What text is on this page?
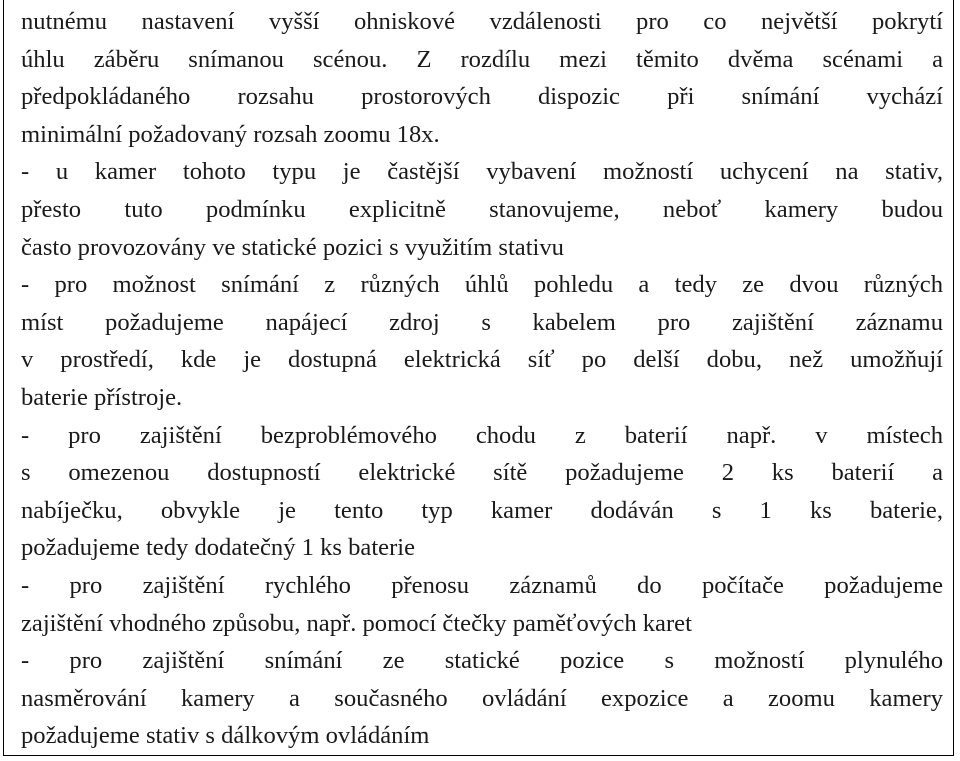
nutnému nastavení vyšší ohniskové vzdálenosti pro co největší pokrytí
úhlu záběru snímanou scénou. Z rozdílu mezi těmito dvěma scénami a
předpokládaného rozsahu prostorových dispozic při snímání vychází
minimální požadovaný rozsah zoomu 18x.
- u kamer tohoto typu je častější vybavení možností uchycení na stativ,
přesto tuto podmínku explicitně stanovujeme, neboť kamery budou
často provozovány ve statické pozici s využitím stativu
- pro možnost snímání z různých úhlů pohledu a tedy ze dvou různých
míst požadujeme napájecí zdroj s kabelem pro zajištění záznamu
v prostředí, kde je dostupná elektrická síť po delší dobu, než umožňují
baterie přístroje.
- pro zajištění bezproblémového chodu z baterií např. v místech
s omezenou dostupností elektrické sítě požadujeme 2 ks baterií a
nabíječku, obvykle je tento typ kamer dodáván s 1 ks baterie,
požadujeme tedy dodatečný 1 ks baterie
- pro zajištění rychlého přenosu záznamů do počítače požadujeme
zajištění vhodného způsobu, např. pomocí čtečky paměťových karet
- pro zajištění snímání ze statické pozice s možností plynulého
nasměrování kamery a současného ovládání expozice a zoomu kamery
požadujeme stativ s dálkovým ovládáním
